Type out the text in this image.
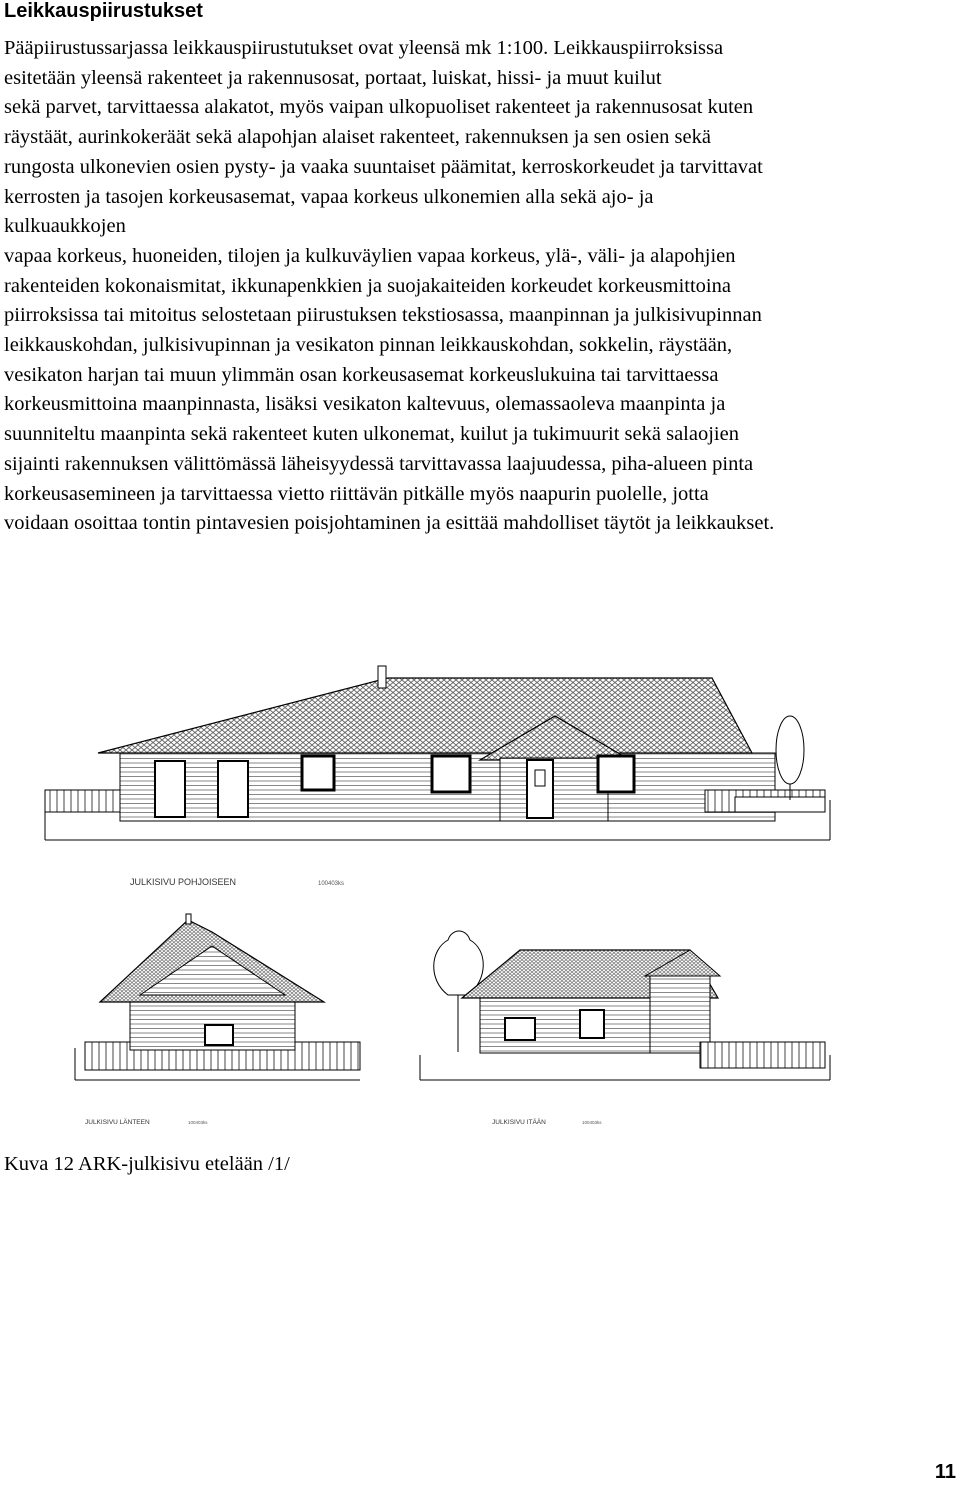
Leikkauspiirustukset
Pääpiirustussarjassa leikkauspiirustutukset ovat yleensä mk 1:100. Leikkauspiirroksissa
esitetään yleensä rakenteet ja rakennusosat, portaat, luiskat, hissi- ja muut kuilut
sekä parvet, tarvittaessa alakatot, myös vaipan ulkopuoliset rakenteet ja rakennusosat kuten
räystäät, aurinkokeräät sekä alapohjan alaiset rakenteet, rakennuksen ja sen osien sekä
rungosta ulkonevien osien pysty- ja vaaka suuntaiset päämitat, kerroskorkeudet ja tarvittavat
kerrosten ja tasojen korkeusasemat, vapaa korkeus ulkonemien alla sekä ajo- ja
kulkuaukkojen
vapaa korkeus, huoneiden, tilojen ja kulkuväylien vapaa korkeus, ylä-, väli- ja alapohjien
rakenteiden kokonaismitat, ikkunapenkkien ja suojakaiteiden korkeudet korkeusmittoina
piirroksissa tai mitoitus selostetaan piirustuksen tekstiosassa, maanpinnan ja julkisivupinnan
leikkauskohdan, julkisivupinnan ja vesikaton pinnan leikkauskohdan, sokkelin, räystään,
vesikaton harjan tai muun ylimmän osan korkeusasemat korkeuslukuina tai tarvittaessa
korkeusmittoina maanpinnasta, lisäksi vesikaton kaltevuus, olemassaoleva maanpinta ja
suunniteltu maanpinta sekä rakenteet kuten ulkonemat, kuilut ja tukimuurit sekä salaojien
sijainti rakennuksen välittömässä läheisyydessä tarvittavassa laajuudessa, piha-alueen pinta
korkeusasemineen ja tarvittaessa vietto riittävän pitkälle myös naapurin puolelle, jotta
voidaan osoittaa tontin pintavesien poisjohtaminen ja esittää mahdolliset täytöt ja leikkaukset.
JULKISIVU POHJOISEEN	100403ks
JULKISIVU LÄNTEEN	100403ks	JULKISIVU ITÄÄN	100403ks
Kuva 12 ARK-julkisivu etelään /1/
11
